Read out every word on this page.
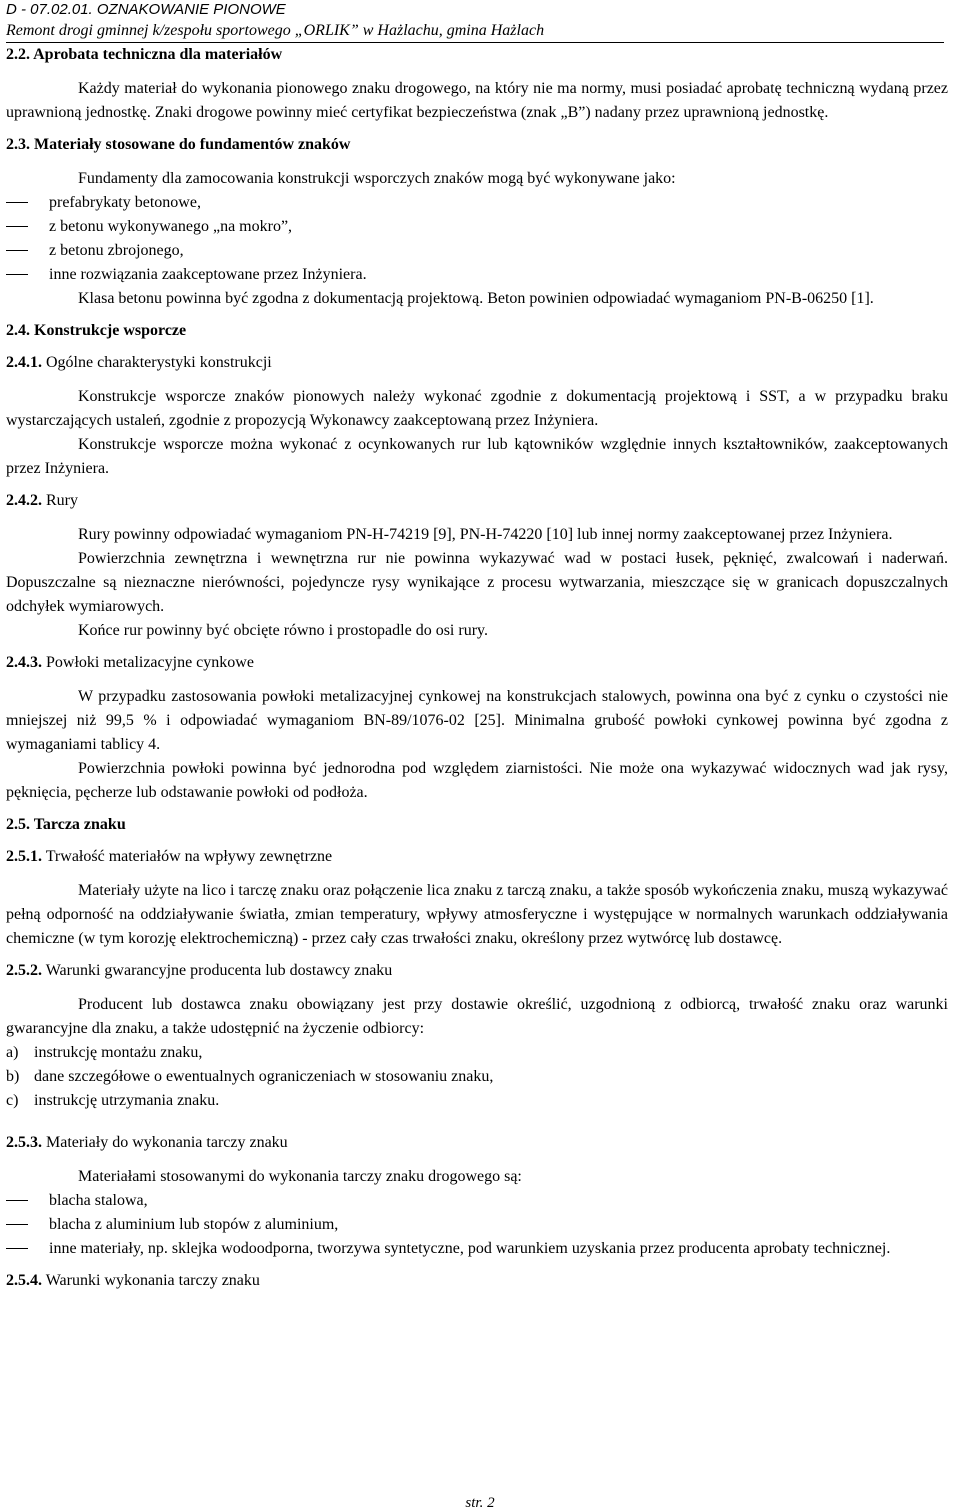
D - 07.02.01. OZNAKOWANIE PIONOWE
Remont drogi gminnej k/zespołu sportowego „ORLIK” w Hażlachu, gmina Hażlach
2.2. Aprobata techniczna dla materiałów

Każdy materiał do wykonania pionowego znaku drogowego, na który nie ma normy, musi posiadać aprobatę techniczną wydaną przez uprawnioną jednostkę. Znaki drogowe powinny mieć certyfikat bezpieczeństwa (znak „B”) nadany przez uprawnioną jednostkę.

2.3. Materiały stosowane do fundamentów znaków

Fundamenty dla zamocowania konstrukcji wsporczych znaków mogą być wykonywane jako:

prefabrykaty betonowe,
z betonu wykonywanego „na mokro”,
z betonu zbrojonego,
inne rozwiązania zaakceptowane przez Inżyniera.

Klasa betonu powinna być zgodna z dokumentacją projektową. Beton powinien odpowiadać wymaganiom PN-B-06250 [1].

2.4. Konstrukcje wsporcze
2.4.1. Ogólne charakterystyki konstrukcji

Konstrukcje wsporcze znaków pionowych należy wykonać zgodnie z dokumentacją projektową i SST, a w przypadku braku wystarczających ustaleń, zgodnie z propozycją Wykonawcy zaakceptowaną przez Inżyniera.

Konstrukcje wsporcze można wykonać z ocynkowanych rur lub kątowników względnie innych kształtowników, zaakceptowanych przez Inżyniera.

2.4.2. Rury

Rury powinny odpowiadać wymaganiom PN-H-74219 [9], PN-H-74220 [10] lub innej normy zaakceptowanej przez Inżyniera.

Powierzchnia zewnętrzna i wewnętrzna rur nie powinna wykazywać wad w postaci łusek, pęknięć, zwalcowań i naderwań. Dopuszczalne są nieznaczne nierówności, pojedyncze rysy wynikające z procesu wytwarzania, mieszczące się w granicach dopuszczalnych odchyłek wymiarowych.

Końce rur powinny być obcięte równo i prostopadle do osi rury.

2.4.3. Powłoki metalizacyjne cynkowe

W przypadku zastosowania powłoki metalizacyjnej cynkowej na konstrukcjach stalowych, powinna ona być z cynku o czystości nie mniejszej niż 99,5 % i odpowiadać wymaganiom BN-89/1076-02 [25]. Minimalna grubość powłoki cynkowej powinna być zgodna z wymaganiami tablicy 4.

Powierzchnia powłoki powinna być jednorodna pod względem ziarnistości. Nie może ona wykazywać widocznych wad jak rysy, pęknięcia, pęcherze lub odstawanie powłoki od podłoża.

2.5. Tarcza znaku
2.5.1. Trwałość materiałów na wpływy zewnętrzne

Materiały użyte na lico i tarczę znaku oraz połączenie lica znaku z tarczą znaku, a także sposób wykończenia znaku, muszą wykazywać pełną odporność na oddziaływanie światła, zmian temperatury, wpływy atmosferyczne i występujące w normalnych warunkach oddziaływania chemiczne (w tym korozję elektrochemiczną) - przez cały czas trwałości znaku, określony przez wytwórcę lub dostawcę.

2.5.2. Warunki gwarancyjne producenta lub dostawcy znaku

Producent lub dostawca znaku obowiązany jest przy dostawie określić, uzgodnioną z odbiorcą, trwałość znaku oraz warunki gwarancyjne dla znaku, a także udostępnić na życzenie odbiorcy:

a) instrukcję montażu znaku,
b) dane szczegółowe o ewentualnych ograniczeniach w stosowaniu znaku,
c) instrukcję utrzymania znaku.
2.5.3. Materiały do wykonania tarczy znaku

Materiałami stosowanymi do wykonania tarczy znaku drogowego są:

blacha stalowa,
blacha z aluminium lub stopów z aluminium,
inne materiały, np. sklejka wodoodporna, tworzywa syntetyczne, pod warunkiem uzyskania przez producenta aprobaty technicznej.
2.5.4. Warunki wykonania tarczy znaku
str. 2
